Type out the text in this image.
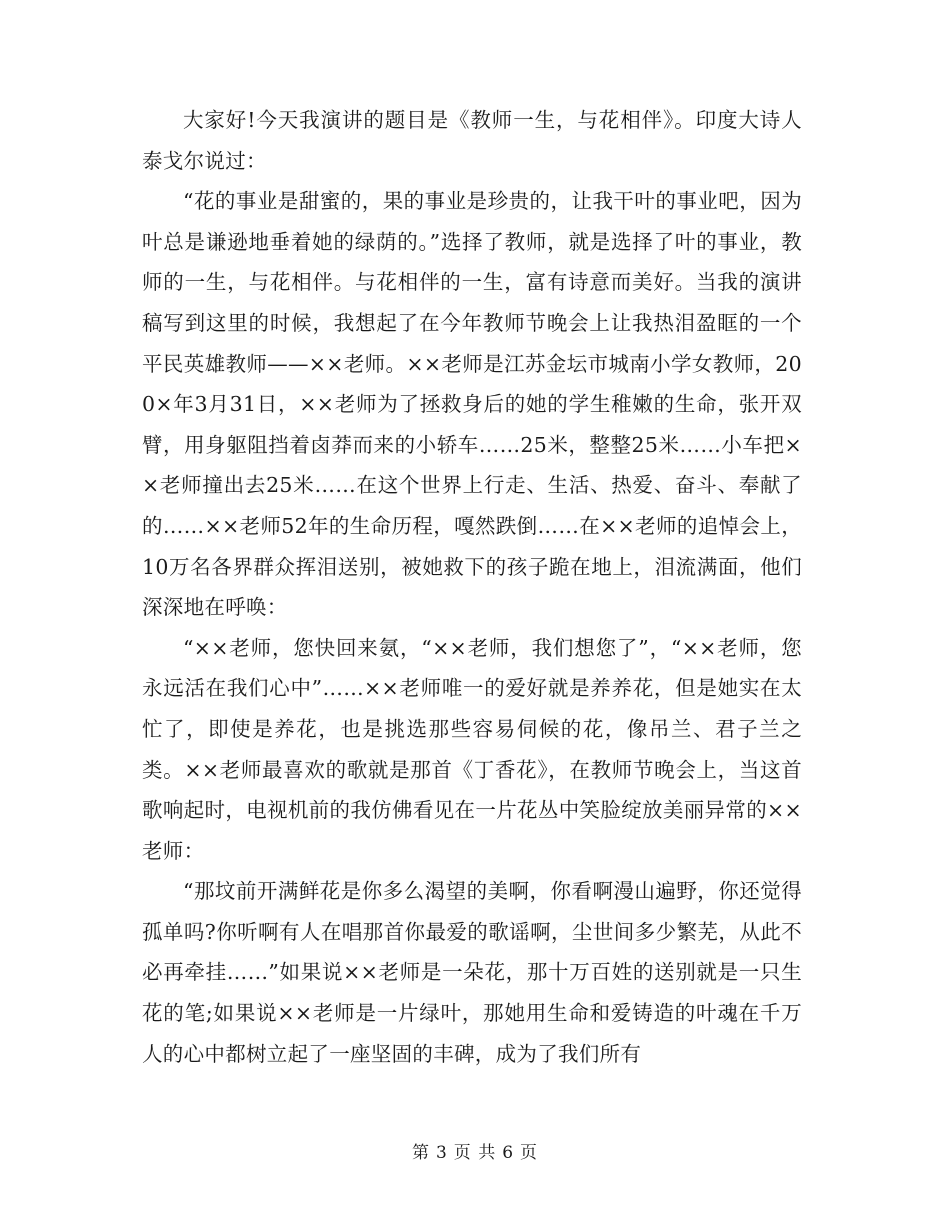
大家好!今天我演讲的题目是《教师一生，与花相伴》。印度大诗人泰戈尔说过：

“花的事业是甜蜜的，果的事业是珍贵的，让我干叶的事业吧，因为叶总是谦逊地垂着她的绿荫的。”选择了教师，就是选择了叶的事业，教师的一生，与花相伴。与花相伴的一生，富有诗意而美好。当我的演讲稿写到这里的时候，我想起了在今年教师节晚会上让我热泪盈眶的一个平民英雄教师——××老师。××老师是江苏金坛市城南小学女教师，200×年3月31日，××老师为了拯救身后的她的学生稚嫩的生命，张开双臂，用身躯阻挡着卤莽而来的小轿车……25米，整整25米……小车把××老师撞出去25米……在这个世界上行走、生活、热爱、奋斗、奉献了的……××老师52年的生命历程，嘎然跌倒……在××老师的追悼会上，10万名各界群众挥泪送别，被她救下的孩子跪在地上，泪流满面，他们深深地在呼唤：

“××老师，您快回来氨，“××老师，我们想您了”，“××老师，您永远活在我们心中”……××老师唯一的爱好就是养养花，但是她实在太忙了，即使是养花，也是挑选那些容易伺候的花，像吊兰、君子兰之类。××老师最喜欢的歌就是那首《丁香花》，在教师节晚会上，当这首歌响起时，电视机前的我仿佛看见在一片花丛中笑脸绽放美丽异常的××老师：

“那坟前开满鲜花是你多么渴望的美啊，你看啊漫山遍野，你还觉得孤单吗?你听啊有人在唱那首你最爱的歌谣啊，尘世间多少繁芜，从此不必再牵挂……”如果说××老师是一朵花，那十万百姓的送别就是一只生花的笔;如果说××老师是一片绿叶，那她用生命和爱铸造的叶魂在千万人的心中都树立起了一座坚固的丰碑，成为了我们所有

第 3 页 共 6 页
